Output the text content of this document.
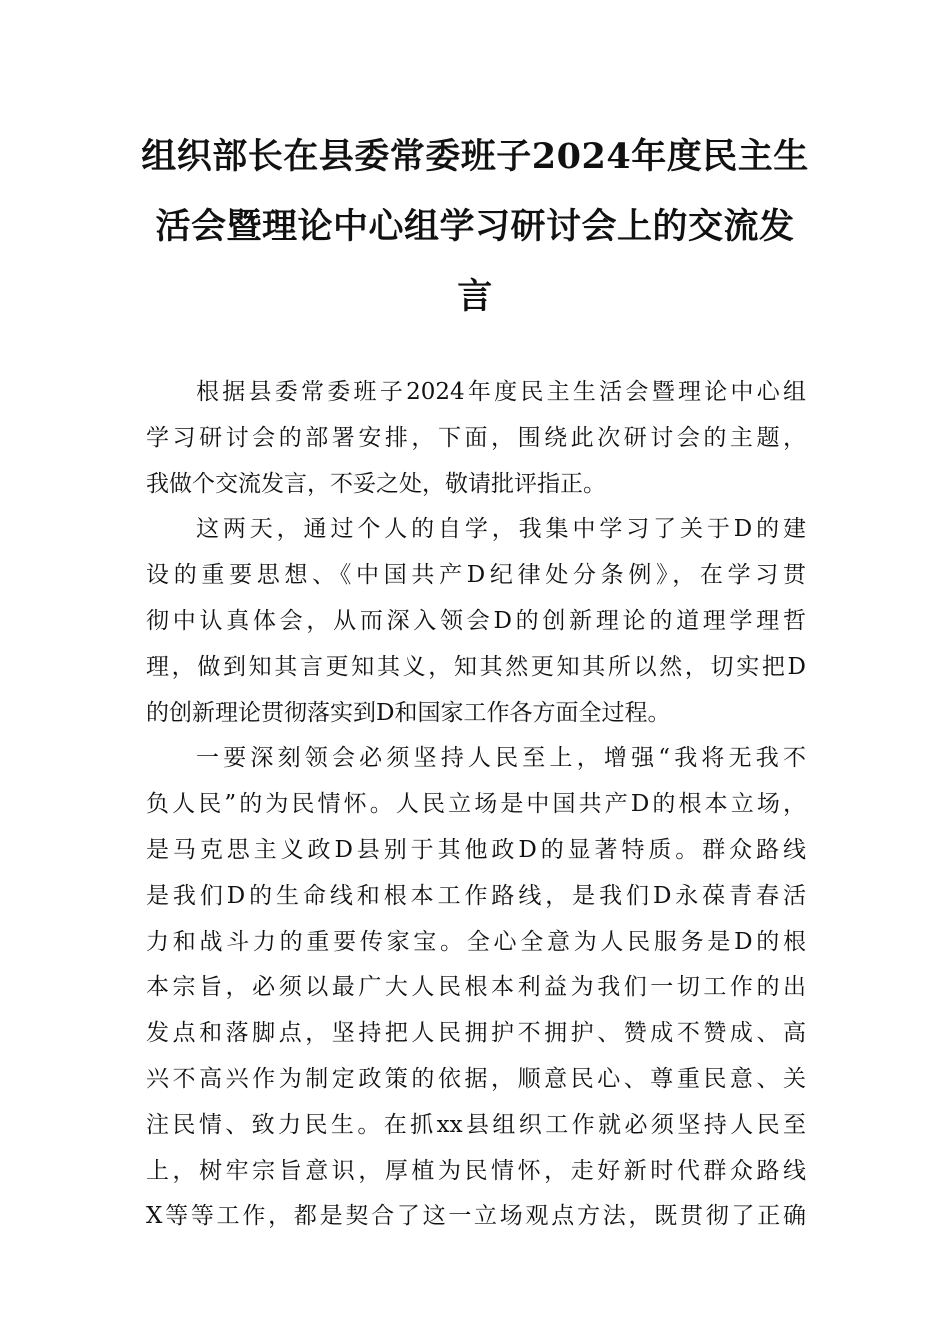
组织部长在县委常委班子2024年度民主生
活会暨理论中心组学习研讨会上的交流发
言

根据县委常委班子2024年度民主生活会暨理论中心组
学习研讨会的部署安排，下面，围绕此次研讨会的主题，
我做个交流发言，不妥之处，敬请批评指正。

这两天，通过个人的自学，我集中学习了关于D的建
设的重要思想、《中国共产D纪律处分条例》，在学习贯
彻中认真体会，从而深入领会D的创新理论的道理学理哲
理，做到知其言更知其义，知其然更知其所以然，切实把D
的创新理论贯彻落实到D和国家工作各方面全过程。

一要深刻领会必须坚持人民至上，增强“我将无我不
负人民”的为民情怀。人民立场是中国共产D的根本立场，
是马克思主义政D县别于其他政D的显著特质。群众路线
是我们D的生命线和根本工作路线，是我们D永葆青春活
力和战斗力的重要传家宝。全心全意为人民服务是D的根
本宗旨，必须以最广大人民根本利益为我们一切工作的出
发点和落脚点，坚持把人民拥护不拥护、赞成不赞成、高
兴不高兴作为制定政策的依据，顺意民心、尊重民意、关
注民情、致力民生。在抓xx县组织工作就必须坚持人民至
上，树牢宗旨意识，厚植为民情怀，走好新时代群众路线
X等等工作，都是契合了这一立场观点方法，既贯彻了正确
